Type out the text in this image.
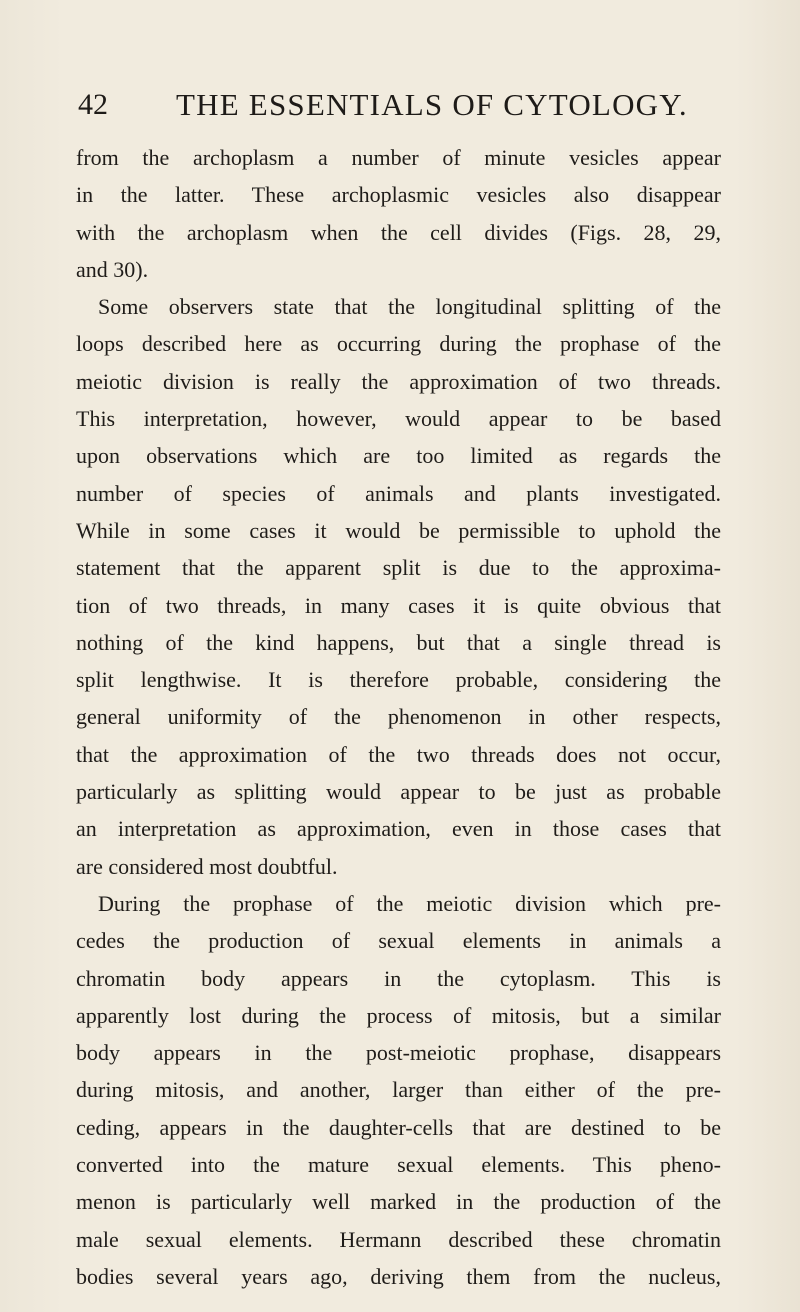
42 THE ESSENTIALS OF CYTOLOGY.
from the archoplasm a number of minute vesicles appear
in the latter. These archoplasmic vesicles also disappear
with the archoplasm when the cell divides (Figs. 28, 29,
and 30).
Some observers state that the longitudinal splitting of the
loops described here as occurring during the prophase of the
meiotic division is really the approximation of two threads.
This interpretation, however, would appear to be based
upon observations which are too limited as regards the
number of species of animals and plants investigated.
While in some cases it would be permissible to uphold the
statement that the apparent split is due to the approxima-
tion of two threads, in many cases it is quite obvious that
nothing of the kind happens, but that a single thread is
split lengthwise. It is therefore probable, considering the
general uniformity of the phenomenon in other respects,
that the approximation of the two threads does not occur,
particularly as splitting would appear to be just as probable
an interpretation as approximation, even in those cases that
are considered most doubtful.
During the prophase of the meiotic division which pre-
cedes the production of sexual elements in animals a
chromatin body appears in the cytoplasm. This is
apparently lost during the process of mitosis, but a similar
body appears in the post-meiotic prophase, disappears
during mitosis, and another, larger than either of the pre-
ceding, appears in the daughter-cells that are destined to be
converted into the mature sexual elements. This pheno-
menon is particularly well marked in the production of the
male sexual elements. Hermann described these chromatin
bodies several years ago, deriving them from the nucleus,
